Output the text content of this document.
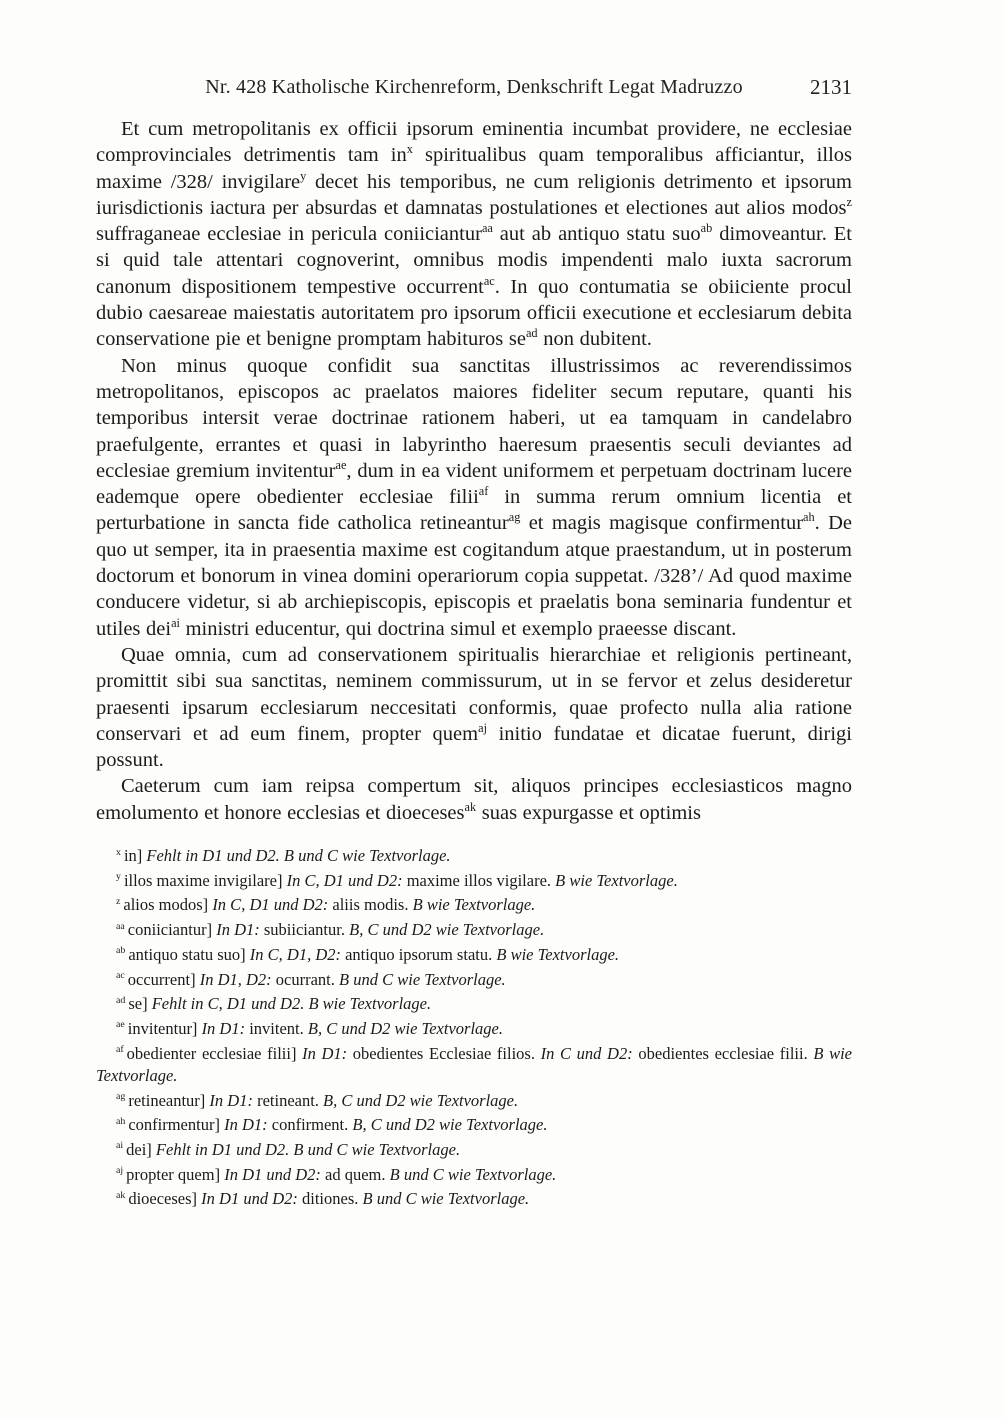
Nr. 428 Katholische Kirchenreform, Denkschrift Legat Madruzzo	2131

Et cum metropolitanis ex officii ipsorum eminentia incumbat providere, ne ecclesiae comprovinciales detrimentis tam $in^x$ spiritualibus quam temporalibus afficiantur, illos maxime /328/ invigilare$^y$ decet his temporibus, ne cum religionis detrimento et ipsorum iurisdictionis iactura per absurdas et damnatas postulationes et electiones aut alios modos$^z$ suffraganeae ecclesiae in pericula coniiciantur$^{aa}$ aut ab antiquo statu suo$^{ab}$ dimoveantur. Et si quid tale attentari cognoverint, omnibus modis impendenti malo iuxta sacrorum canonum dispositionem tempestive occurrent$^{ac}$. In quo contumatia se obiiciente procul dubio caesareae maiestatis autoritatem pro ipsorum officii executione et ecclesiarum debita conservatione pie et benigne promptam habituros $se^{ad}$ non dubitent.

Non minus quoque confidit sua sanctitas illustrissimos ac reverendissimos metropolitanos, episcopos ac praelatos maiores fideliter secum reputare, quanti his temporibus intersit verae doctrinae rationem haberi, ut ea tamquam in candelabro praefulgente, errantes et quasi in labyrintho haeresum praesentis seculi deviantes ad ecclesiae gremium invitentur$^{ae}$, dum in ea vident uniformem et perpetuam doctrinam lucere eademque opere obedienter ecclesiae filii$^{af}$ in summa rerum omnium licentia et perturbatione in sancta fide catholica retineantur$^{ag}$ et magis magisque confirmentur$^{ah}$. De quo ut semper, ita in praesentia maxime est cogitandum atque praestandum, ut in posterum doctorum et bonorum in vinea domini operariorum copia suppetat. /328’/ Ad quod maxime conducere videtur, si ab archiepiscopis, episcopis et praelatis bona seminaria fundentur et utiles dei$^{ai}$ ministri educentur, qui doctrina simul et exemplo praeesse discant.

Quae omnia, cum ad conservationem spiritualis hierarchiae et religionis pertineant, promittit sibi sua sanctitas, neminem commissurum, ut in se fervor et zelus desideretur praesenti ipsarum ecclesiarum neccesitati conformis, quae profecto nulla alia ratione conservari et ad eum finem, propter quem$^{aj}$ initio fundatae et dicatae fuerunt, dirigi possunt.

Caeterum cum iam reipsa compertum sit, aliquos principes ecclesiasticos magno emolumento et honore ecclesias et dioeceses$^{ak}$ suas expurgasse et optimis

$^x$ in] Fehlt in D1 und D2. B und C wie Textvorlage.
$^y$ illos maxime invigilare] In C, D1 und D2: maxime illos vigilare. B wie Textvorlage.
$^z$ alios modos] In C, D1 und D2: aliis modis. B wie Textvorlage.
$^{aa}$ coniiciantur] In D1: subiiciantur. B, C und D2 wie Textvorlage.
$^{ab}$ antiquo statu suo] In C, D1, D2: antiquo ipsorum statu. B wie Textvorlage.
$^{ac}$ occurrent] In D1, D2: ocurrant. B und C wie Textvorlage.
$^{ad}$ se] Fehlt in C, D1 und D2. B wie Textvorlage.
$^{ae}$ invitentur] In D1: invitent. B, C und D2 wie Textvorlage.
$^{af}$ obedienter ecclesiae filii] In D1: obedientes Ecclesiae filios. In C und D2: obedientes ecclesiae filii. B wie Textvorlage.
$^{ag}$ retineantur] In D1: retineant. B, C und D2 wie Textvorlage.
$^{ah}$ confirmentur] In D1: confirment. B, C und D2 wie Textvorlage.
$^{ai}$ dei] Fehlt in D1 und D2. B und C wie Textvorlage.
$^{aj}$ propter quem] In D1 und D2: ad quem. B und C wie Textvorlage.
$^{ak}$ dioeceses] In D1 und D2: ditiones. B und C wie Textvorlage.
